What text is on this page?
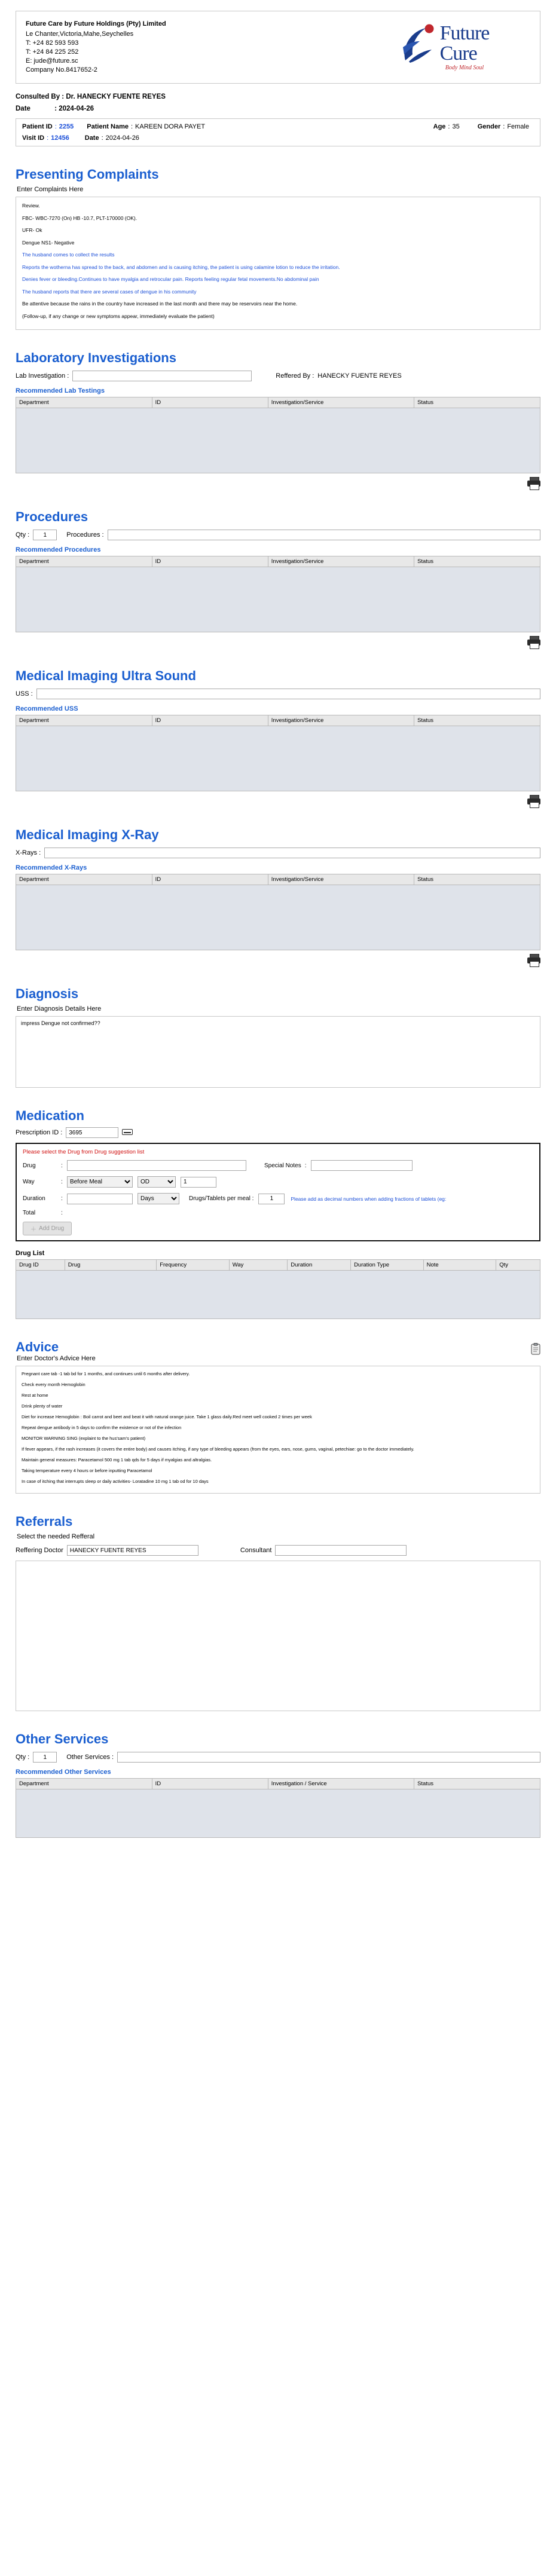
Future Care by Future Holdings (Pty) Limited
Le Chanter,Victoria,Mahe,Seychelles
T: +24 82 593 593
T: +24 84 225 252
E: jude@future.sc
Company No.8417652-2
Future
Cure
Body Mind Soul
Consulted By : Dr. HANECKY FUENTE REYES
Date	: 2024-04-26
Patient ID : 2255 Patient Name : KAREEN DORA PAYET	Age : 35	Gender : Female
Visit ID : 12456 Date : 2024-04-26
Presenting Complaints
Enter Complaints Here

Review.

FBC- WBC-7270 (On) HB -10.7, PLT-170000 (OK).

UFR- Ok

Dengue NS1- Negative

The husband comes to collect the results

Reports the wotherna has spread to the back, and abdomen and is causing itching, the patient is using calamine lotion to reduce the irritation.

Denies fever or bleeding.Continues to have myalgia and retrocular pain. Reports feeling regular fetal movements.No abdominal pain

The husband reports that there are several cases of dengue in his community

Be attentive because the rains in the country have increased in the last month and there may be reservoirs near the home.

(Follow-up, if any change or new symptoms appear, immediately evaluate the patient)

Laboratory Investigations
Lab Investigation :	Reffered By : HANECKY FUENTE REYES
Recommended Lab Testings
Department	ID	Investigation/Service	Status
Procedures
Qty :	1	Procedures :
Recommended Procedures
Department	ID	Investigation/Service	Status
Medical Imaging Ultra Sound
USS :
Recommended USS
Department	ID	Investigation/Service	Status
Medical Imaging X-Ray
X-Rays :
Recommended X-Rays
Department	ID	Investigation/Service	Status
Diagnosis
Enter Diagnosis Details Here
impress Dengue not confirmed??
Medication
Prescription ID :	3695
Please select the Drug from Drug suggestion list
Drug	:	Special Notes :
Way	:
Before Meal
OD	1
Duration	:
Days	Drugs/Tablets per meal :	1	Please add as decimal numbers when adding fractions of tablets (eg:
Total	:
＋ Add Drug
Drug List
Drug ID	Drug	Frequency	Way	Duration	Duration Type	Note	Qty
Advice
Enter Doctor's Advice Here

Pregnant care tab -1 tab bd for 1 months, and continues until 6 months after delivery.

Check every month Hemoglobin

Rest at home

Drink plenty of water

Diet for increase Hemoglobin : Boil carrot and beet and beat it with natural orange juice. Take 1 glass daily.Red meet well cooked 2 times per week

Repeat dengue antibody in 5 days to confirm the existence or not of the infection

MONITOR WARNING SING (explaint to the hus'sam's patient)

If fever appears, if the rash increases (it covers the entire body) and causes itching, if any type of bleeding appears (from the eyes, ears, nose, gums, vaginal, petechiae: go to the doctor immediately.

Maintain general measures: Paracetamol 500 mg 1 tab qds for 5 days if myalgias and altralgias.

Taking temperature every 4 hours or before inputting Paracetamol

In case of itching that interrupts sleep or daily activities- Loratadine 10 mg 1 tab od for 10 days

Referrals
Select the needed Refferal
Reffering Doctor	HANECKY FUENTE REYES	Consultant
Other Services
Qty :	1	Other Services :
Recommended Other Services
Department	ID	Investigation / Service	Status
